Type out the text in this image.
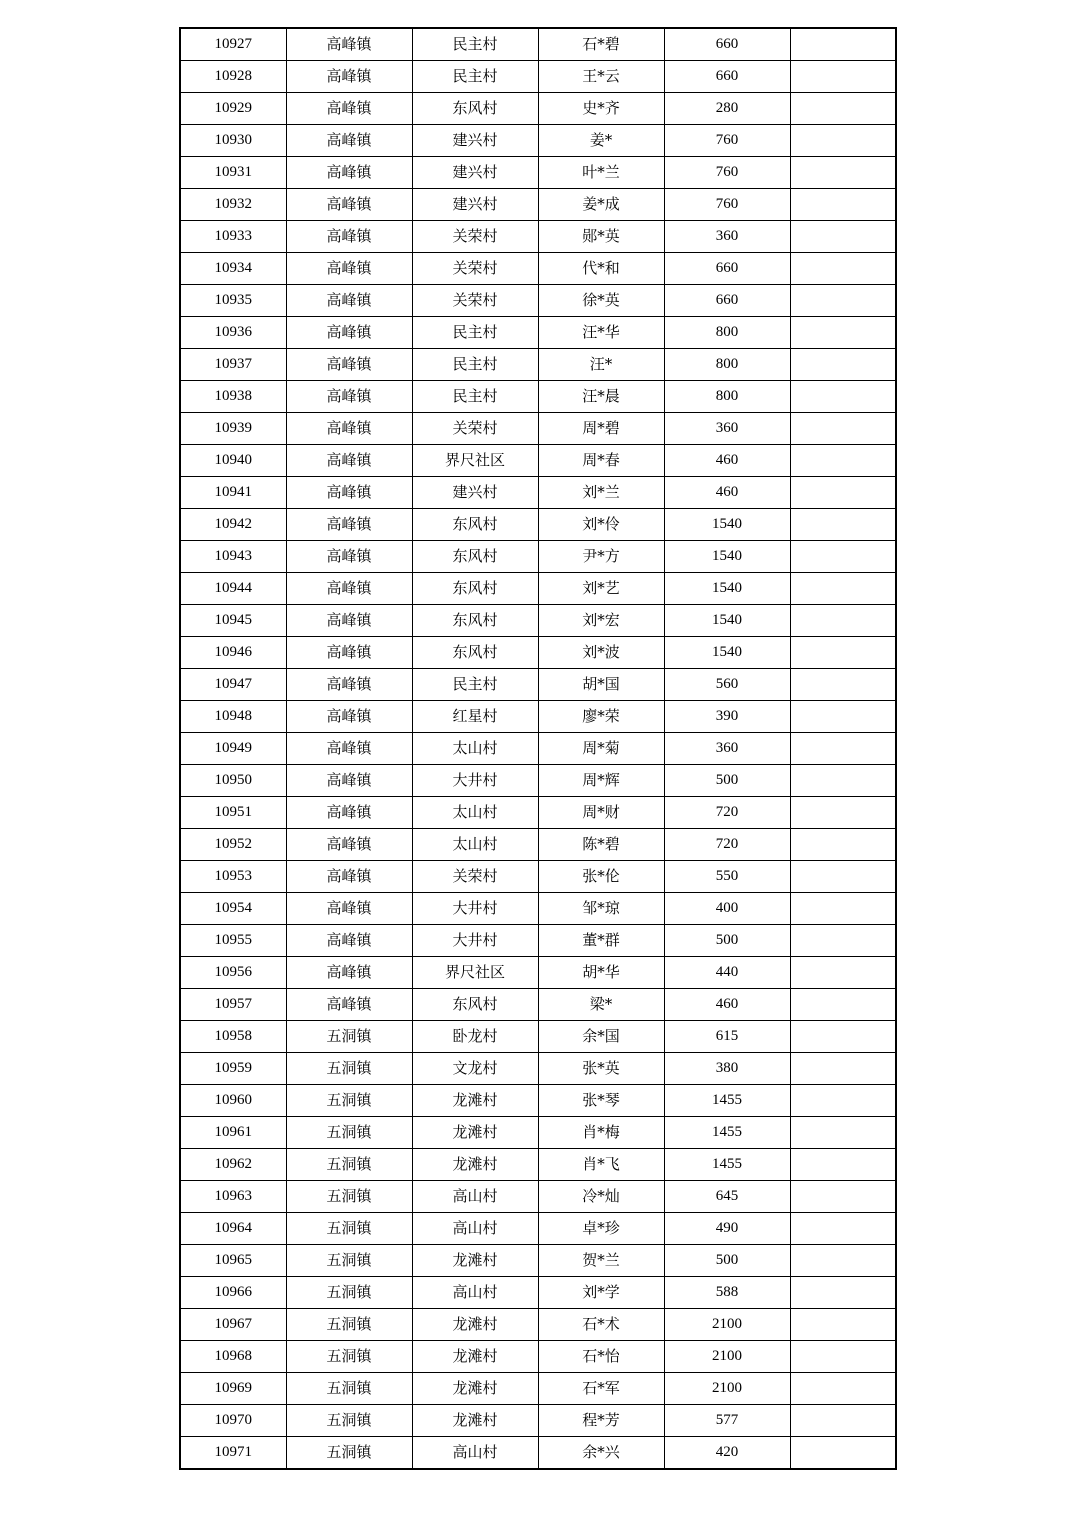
10927	高峰镇	民主村	石*碧	660	
10928	高峰镇	民主村	王*云	660	
10929	高峰镇	东风村	史*齐	280	
10930	高峰镇	建兴村	姜*	760	
10931	高峰镇	建兴村	叶*兰	760	
10932	高峰镇	建兴村	姜*成	760	
10933	高峰镇	关荣村	郧*英	360	
10934	高峰镇	关荣村	代*和	660	
10935	高峰镇	关荣村	徐*英	660	
10936	高峰镇	民主村	汪*华	800	
10937	高峰镇	民主村	汪*	800	
10938	高峰镇	民主村	汪*晨	800	
10939	高峰镇	关荣村	周*碧	360	
10940	高峰镇	界尺社区	周*春	460	
10941	高峰镇	建兴村	刘*兰	460	
10942	高峰镇	东风村	刘*伶	1540	
10943	高峰镇	东风村	尹*方	1540	
10944	高峰镇	东风村	刘*艺	1540	
10945	高峰镇	东风村	刘*宏	1540	
10946	高峰镇	东风村	刘*波	1540	
10947	高峰镇	民主村	胡*国	560	
10948	高峰镇	红星村	廖*荣	390	
10949	高峰镇	太山村	周*菊	360	
10950	高峰镇	大井村	周*辉	500	
10951	高峰镇	太山村	周*财	720	
10952	高峰镇	太山村	陈*碧	720	
10953	高峰镇	关荣村	张*伦	550	
10954	高峰镇	大井村	邹*琼	400	
10955	高峰镇	大井村	董*群	500	
10956	高峰镇	界尺社区	胡*华	440	
10957	高峰镇	东风村	梁*	460	
10958	五洞镇	卧龙村	余*国	615	
10959	五洞镇	文龙村	张*英	380	
10960	五洞镇	龙滩村	张*琴	1455	
10961	五洞镇	龙滩村	肖*梅	1455	
10962	五洞镇	龙滩村	肖*飞	1455	
10963	五洞镇	高山村	冷*灿	645	
10964	五洞镇	高山村	卓*珍	490	
10965	五洞镇	龙滩村	贺*兰	500	
10966	五洞镇	高山村	刘*学	588	
10967	五洞镇	龙滩村	石*术	2100	
10968	五洞镇	龙滩村	石*怡	2100	
10969	五洞镇	龙滩村	石*军	2100	
10970	五洞镇	龙滩村	程*芳	577	
10971	五洞镇	高山村	余*兴	420	
